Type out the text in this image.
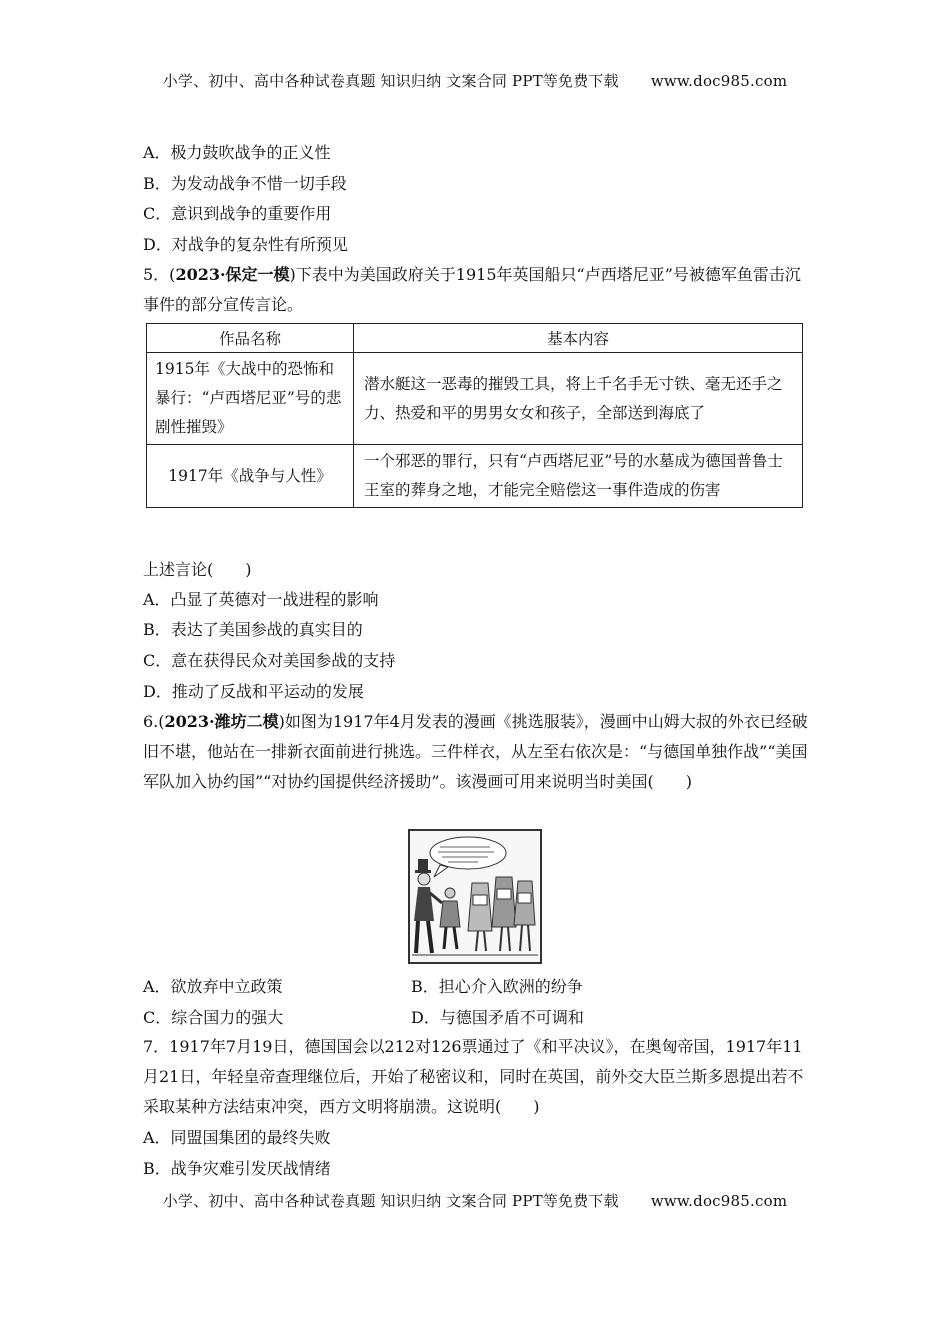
小学、初中、高中各种试卷真题 知识归纳 文案合同 PPT等免费下载 www.doc985.com
A．极力鼓吹战争的正义性
B．为发动战争不惜一切手段
C．意识到战争的重要作用
D．对战争的复杂性有所预见
5．(2023·保定一模)下表中为美国政府关于1915年英国船只“卢西塔尼亚”号被德军鱼雷击沉事件的部分宣传言论。
作品名称	基本内容
1915年《大战中的恐怖和暴行：“卢西塔尼亚”号的悲剧性摧毁》	潜水艇这一恶毒的摧毁工具，将上千名手无寸铁、毫无还手之力、热爱和平的男男女女和孩子，全部送到海底了
1917年《战争与人性》	一个邪恶的罪行，只有“卢西塔尼亚”号的水墓成为德国普鲁士王室的葬身之地，才能完全赔偿这一事件造成的伤害
上述言论(　　)
A．凸显了英德对一战进程的影响
B．表达了美国参战的真实目的
C．意在获得民众对美国参战的支持
D．推动了反战和平运动的发展
6.(2023·潍坊二模)如图为1917年4月发表的漫画《挑选服装》，漫画中山姆大叔的外衣已经破旧不堪，他站在一排新衣面前进行挑选。三件样衣，从左至右依次是：“与德国单独作战”“美国军队加入协约国”“对协约国提供经济援助”。该漫画可用来说明当时美国(　　)
A．欲放弃中立政策	B．担心介入欧洲的纷争
C．综合国力的强大	D．与德国矛盾不可调和
7．1917年7月19日，德国国会以212对126票通过了《和平决议》，在奥匈帝国，1917年11月21日，年轻皇帝查理继位后，开始了秘密议和，同时在英国，前外交大臣兰斯多恩提出若不采取某种方法结束冲突，西方文明将崩溃。这说明(　　)
A．同盟国集团的最终失败
B．战争灾难引发厌战情绪
小学、初中、高中各种试卷真题 知识归纳 文案合同 PPT等免费下载 www.doc985.com
